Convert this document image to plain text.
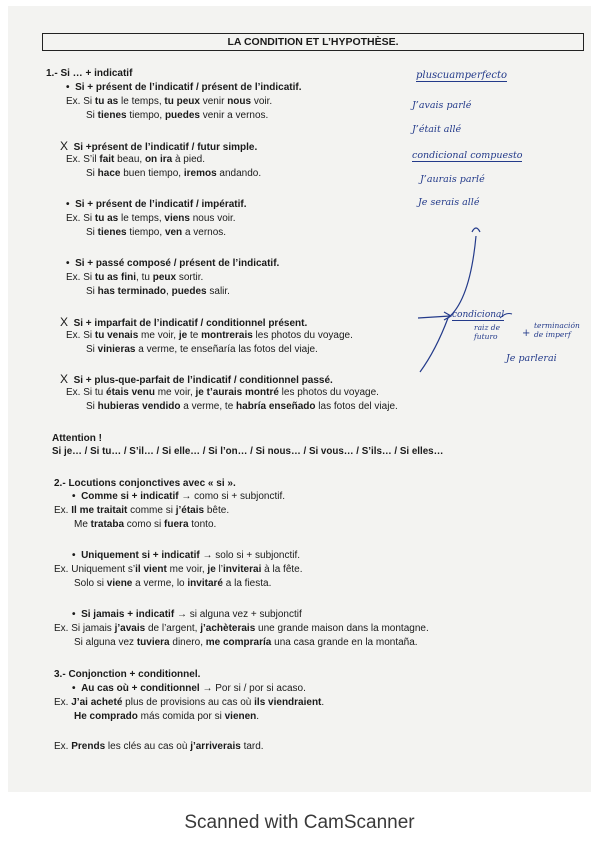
LA CONDITION ET L’HYPOTHÈSE.
1.- Si … + indicatif
• Si + présent de l’indicatif / présent de l’indicatif.
Ex. Si tu as le temps, tu peux venir nous voir.
Si tienes tiempo, puedes venir a vernos.
X Si +présent de l’indicatif / futur simple.
Ex. S’il fait beau, on ira à pied.
Si hace buen tiempo, iremos andando.
• Si + présent de l’indicatif / impératif.
Ex. Si tu as le temps, viens nous voir.
Si tienes tiempo, ven a vernos.
• Si + passé composé / présent de l’indicatif.
Ex. Si tu as fini, tu peux sortir.
Si has terminado, puedes salir.
X Si + imparfait de l’indicatif / conditionnel présent.
Ex. Si tu venais me voir, je te montrerais les photos du voyage.
Si vinieras a verme, te enseñaría las fotos del viaje.
X Si + plus-que-parfait de l’indicatif / conditionnel passé.
Ex. Si tu étais venu me voir, je t’aurais montré les photos du voyage.
Si hubieras vendido a verme, te habría enseñado las fotos del viaje.
Attention !
Si je… / Si tu… / S’il… / Si elle… / Si l’on… / Si nous… / Si vous… / S’ils… / Si elles…
2.- Locutions conjonctives avec « si ».
• Comme si + indicatif → como si + subjonctif.
Ex. Il me traitait comme si j’étais bête.
Me trataba como si fuera tonto.
• Uniquement si + indicatif → solo si + subjonctif.
Ex. Uniquement s’il vient me voir, je l’inviterai à la fête.
Solo si viene a verme, lo invitaré a la fiesta.
• Si jamais + indicatif → si alguna vez + subjonctif
Ex. Si jamais j’avais de l’argent, j’achèterais une grande maison dans la montagne.
Si alguna vez tuviera dinero, me compraría una casa grande en la montaña.
3.- Conjonction + conditionnel.
• Au cas où + conditionnel → Por si / por si acaso.
Ex. J’ai acheté plus de provisions au cas où ils viendraient.
He comprado más comida por si vienen.
Ex. Prends les clés au cas où j’arriverais tard.
pluscuamperfecto
J’avais parlé
J’était allé
condicional compuesto
J’aurais parlé
Je serais allé
condicional
raiz de futuro	+
terminación de imperf
Je parlerai
Scanned with CamScanner
